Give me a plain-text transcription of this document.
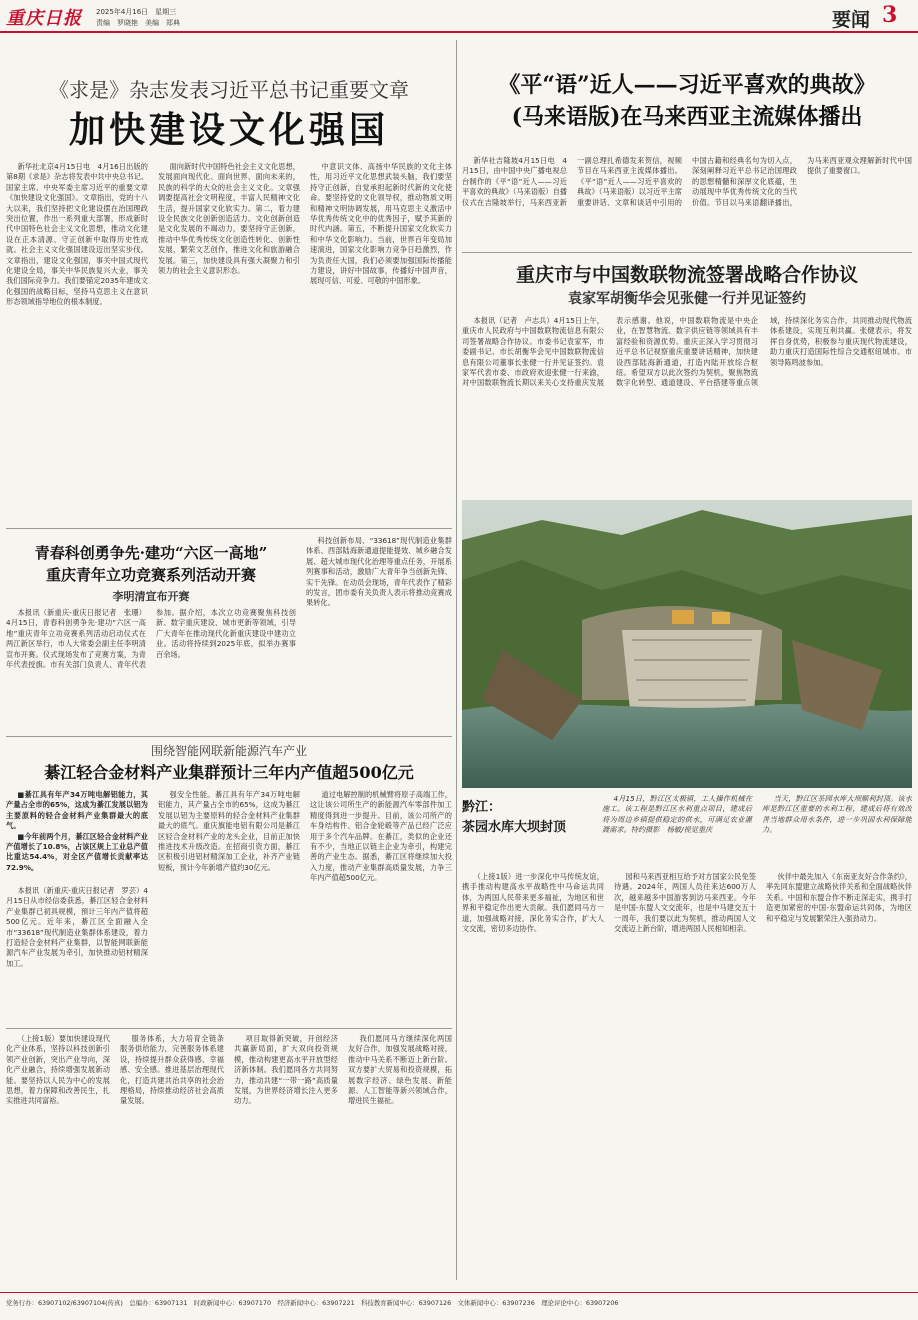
重庆日报 2025年4月16日　星期三
责编　罗晓艳　美编　郑典	要闻 3
《求是》杂志发表习近平总书记重要文章
加快建设文化强国

新华社北京4月15日电　4月16日出版的第8期《求是》杂志将发表中共中央总书记、国家主席、中央军委主席习近平的重要文章《加快建设文化强国》。文章指出，党的十八大以来，我们坚持把文化建设摆在治国理政突出位置，作出一系列重大部署，形成新时代中国特色社会主义文化思想，推动文化建设在正本清源、守正创新中取得历史性成就。社会主义文化强国建设迈出坚实步伐。文章指出，建设文化强国，事关中国式现代化建设全局，事关中华民族复兴大业，事关我们国际竞争力。我们要锚定2035年建成文化强国的战略目标，坚持马克思主义在意识形态领域指导地位的根本制度。

面向新时代中国特色社会主义文化思想，发展面向现代化、面向世界、面向未来的，民族的科学的大众的社会主义文化。文章强调要提高社会文明程度，丰富人民精神文化生活，提升国家文化软实力。第二，着力建设全民族文化创新创造活力。文化创新创造是文化发展的不竭动力，要坚持守正创新，推动中华优秀传统文化创造性转化、创新性发展，繁荣文艺创作，推进文化和旅游融合发展。第三，加快建设具有强大凝聚力和引领力的社会主义意识形态。

中意识文体、高扬中华民族的文化主体性，用习近平文化思想武装头脑，我们要坚持守正创新，自觉承担起新时代新的文化使命。要坚持党的文化领导权，推动物质文明和精神文明协调发展，用马克思主义激活中华优秀传统文化中的优秀因子，赋予其新的时代内涵。第五，不断提升国家文化软实力和中华文化影响力。当前，世界百年变局加速演进，国家文化影响力竞争日趋激烈，作为负责任大国，我们必须要加强国际传播能力建设，讲好中国故事，传播好中国声音，展现可信、可爱、可敬的中国形象。

《平“语”近人——习近平喜欢的典故》
(马来语版)在马来西亚主流媒体播出

新华社吉隆坡4月15日电　4月15日，由中国中央广播电视总台制作的《平“语”近人——习近平喜欢的典故》（马来语版）自播仪式在吉隆坡举行，马来西亚新一副总理扎希德发来贺信，视频节目在马来西亚主流媒体播出。《平“语”近人——习近平喜欢的典故》（马来语版）以习近平主席重要讲话、文章和谈话中引用的中国古籍和经典名句为切入点，深刻阐释习近平总书记治国理政的思想精髓和深厚文化底蕴，生动展现中华优秀传统文化的当代价值。节目以马来语翻译播出，为马来西亚观众理解新时代中国提供了重要窗口。

重庆市与中国数联物流签署战略合作协议
袁家军胡衡华会见张健一行并见证签约

本报讯（记者　卢志兵）4月15日上午，重庆市人民政府与中国数联物流信息有限公司签署战略合作协议。市委书记袁家军，市委副书记、市长胡衡华会见中国数联物流信息有限公司董事长张健一行并见证签约。袁家军代表市委、市政府欢迎张健一行来渝，对中国数联物流长期以来关心支持重庆发展表示感谢。他说，中国数联物流是中央企业，在智慧物流、数字供应链等领域具有丰富经验和资源优势。重庆正深入学习贯彻习近平总书记视察重庆重要讲话精神，加快建设西部陆海新通道，打造内陆开放综合枢纽。希望双方以此次签约为契机，聚焦物流数字化转型、通道建设、平台搭建等重点领域，持续深化务实合作，共同推动现代物流体系建设，实现互利共赢。张健表示，将发挥自身优势，积极参与重庆现代物流建设，助力重庆打造国际性综合交通枢纽城市。市领导陈鸣波参加。

青春科创勇争先·建功“六区一高地”
重庆青年立功竞赛系列活动开赛
李明清宣布开赛

本报讯（新重庆-重庆日报记者　张珊）4月15日，青春科创勇争先·建功“六区一高地”重庆青年立功竞赛系列活动启动仪式在两江新区举行，市人大常委会副主任李明清宣布开赛。仪式现场发布了竞赛方案，为青年代表授旗。市有关部门负责人、青年代表参加。据介绍，本次立功竞赛聚焦科技创新、数字重庆建设、城市更新等领域，引导广大青年在推动现代化新重庆建设中建功立业。活动将持续到2025年底，拟举办赛事百余场。

科技创新布局、“33618”现代制造业集群体系、西部陆海新通道提能提效、城乡融合发展、超大城市现代化治理等重点任务，开展系列赛事和活动，激励广大青年争当创新先锋、实干先锋。在动员会现场，青年代表作了精彩的发言，团市委有关负责人表示将推动竞赛成果转化。

黔江：
茶园水库大坝封顶

4月15日，黔江区太极镇，工人操作机械在施工。该工程是黔江区水利重点项目，建成后将为周边乡镇提供稳定的供水，可满足农业灌溉需求。特约摄影　杨敏/视觉重庆

当天，黔江区茶园水库大坝顺利封顶。该水库是黔江区重要的水利工程，建成后将有效改善当地群众用水条件，进一步巩固水利保障能力。

围绕智能网联新能源汽车产业
綦江轻合金材料产业集群预计三年内产值超500亿元

■綦江具有年产34万吨电解铝能力，其产量占全市的65%，这成为綦江发展以铝为主要原料的轻合金材料产业集群最大的底气。

■今年前两个月，綦江区轻合金材料产业产值增长了10.8%，占该区规上工业总产值比重达54.4%，对全区产值增长贡献率达72.9%。

本报讯（新重庆-重庆日报记者　罗芸）4月15日从市经信委获悉，綦江区轻合金材料产业集群已初具规模，預计三年内产值将超500亿元。近年来，綦江区全面融入全市“33618”现代制造业集群体系建设，着力打造轻合金材料产业集群，以智能网联新能源汽车产业发展为牵引，加快推动铝材精深加工。

强安全性能。綦江具有年产34万吨电解铝能力，其产量占全市的65%，这成为綦江发展以铝为主要原料的轻合金材料产业集群最大的底气。重庆旗能电铝有限公司是綦江区轻合金材料产业的龙头企业，目前正加快推进技术升级改造。在招商引资方面，綦江区积极引进铝材精深加工企业，补齐产业链短板，预计今年新增产值约30亿元。

道过电解控制的机械臂将原子高端工作，这让该公司所生产的新能源汽车零部件加工精度得到进一步提升。目前，该公司所产的车身结构件、铝合金轮毂等产品已经广泛应用于多个汽车品牌。在綦江，类似的企业还有不少，当地正以链主企业为牵引，构建完善的产业生态。据悉，綦江区将继续加大投入力度，推动产业集群高质量发展，力争三年内产值超500亿元。	（上接1版）进一步深化中马传统友谊，携手推动构建高水平战略性中马命运共同体，为两国人民带来更多福祉，为地区和世界和平稳定作出更大贡献。我们愿同马方一道，加强战略对接，深化务实合作，扩大人文交流，密切多边协作。

园和马来西亚相互给予对方国家公民免签待遇。2024年，两国人员往来达600万人次，越来越多中国游客到访马来西亚。今年是中国-东盟人文交流年，也是中马建交五十一周年，我们要以此为契机，推动两国人文交流迈上新台阶，增进两国人民相知相亲。

伙伴中最先加入《东南亚友好合作条约》，率先同东盟建立战略伙伴关系和全面战略伙伴关系。中国和东盟合作不断走深走实，携手打造更加紧密的中国-东盟命运共同体，为地区和平稳定与发展繁荣注入强劲动力。

（上接1版）要加快建设现代化产业体系，坚持以科技创新引领产业创新，突出产业导向，深化产业融合，持续增强发展新动能。要坚持以人民为中心的发展思想，着力保障和改善民生，扎实推进共同富裕。

服务体系，大力培育全链条服务供给能力，完善服务体系建设，持续提升群众获得感、幸福感、安全感。推进基层治理现代化，打造共建共治共享的社会治理格局，持续推动经济社会高质量发展。

项目取得新突破，开创经济共赢新局面，扩大双向投资规模，推动构建更高水平开放型经济新体制。我们愿同各方共同努力，推动共建“一带一路”高质量发展，为世界经济增长注入更多动力。

我们愿同马方继续深化两国友好合作，加强发展战略对接，推动中马关系不断迈上新台阶。双方要扩大贸易和投资规模，拓展数字经济、绿色发展、新能源、人工智能等新兴领域合作，增进民生福祉。

党务行办：63907102/63907104(传真)　总编办：63907131　时政新闻中心：63907170　经济新闻中心：63907221　科技教育新闻中心：63907126　文体新闻中心：63907236　理论评论中心：63907206
